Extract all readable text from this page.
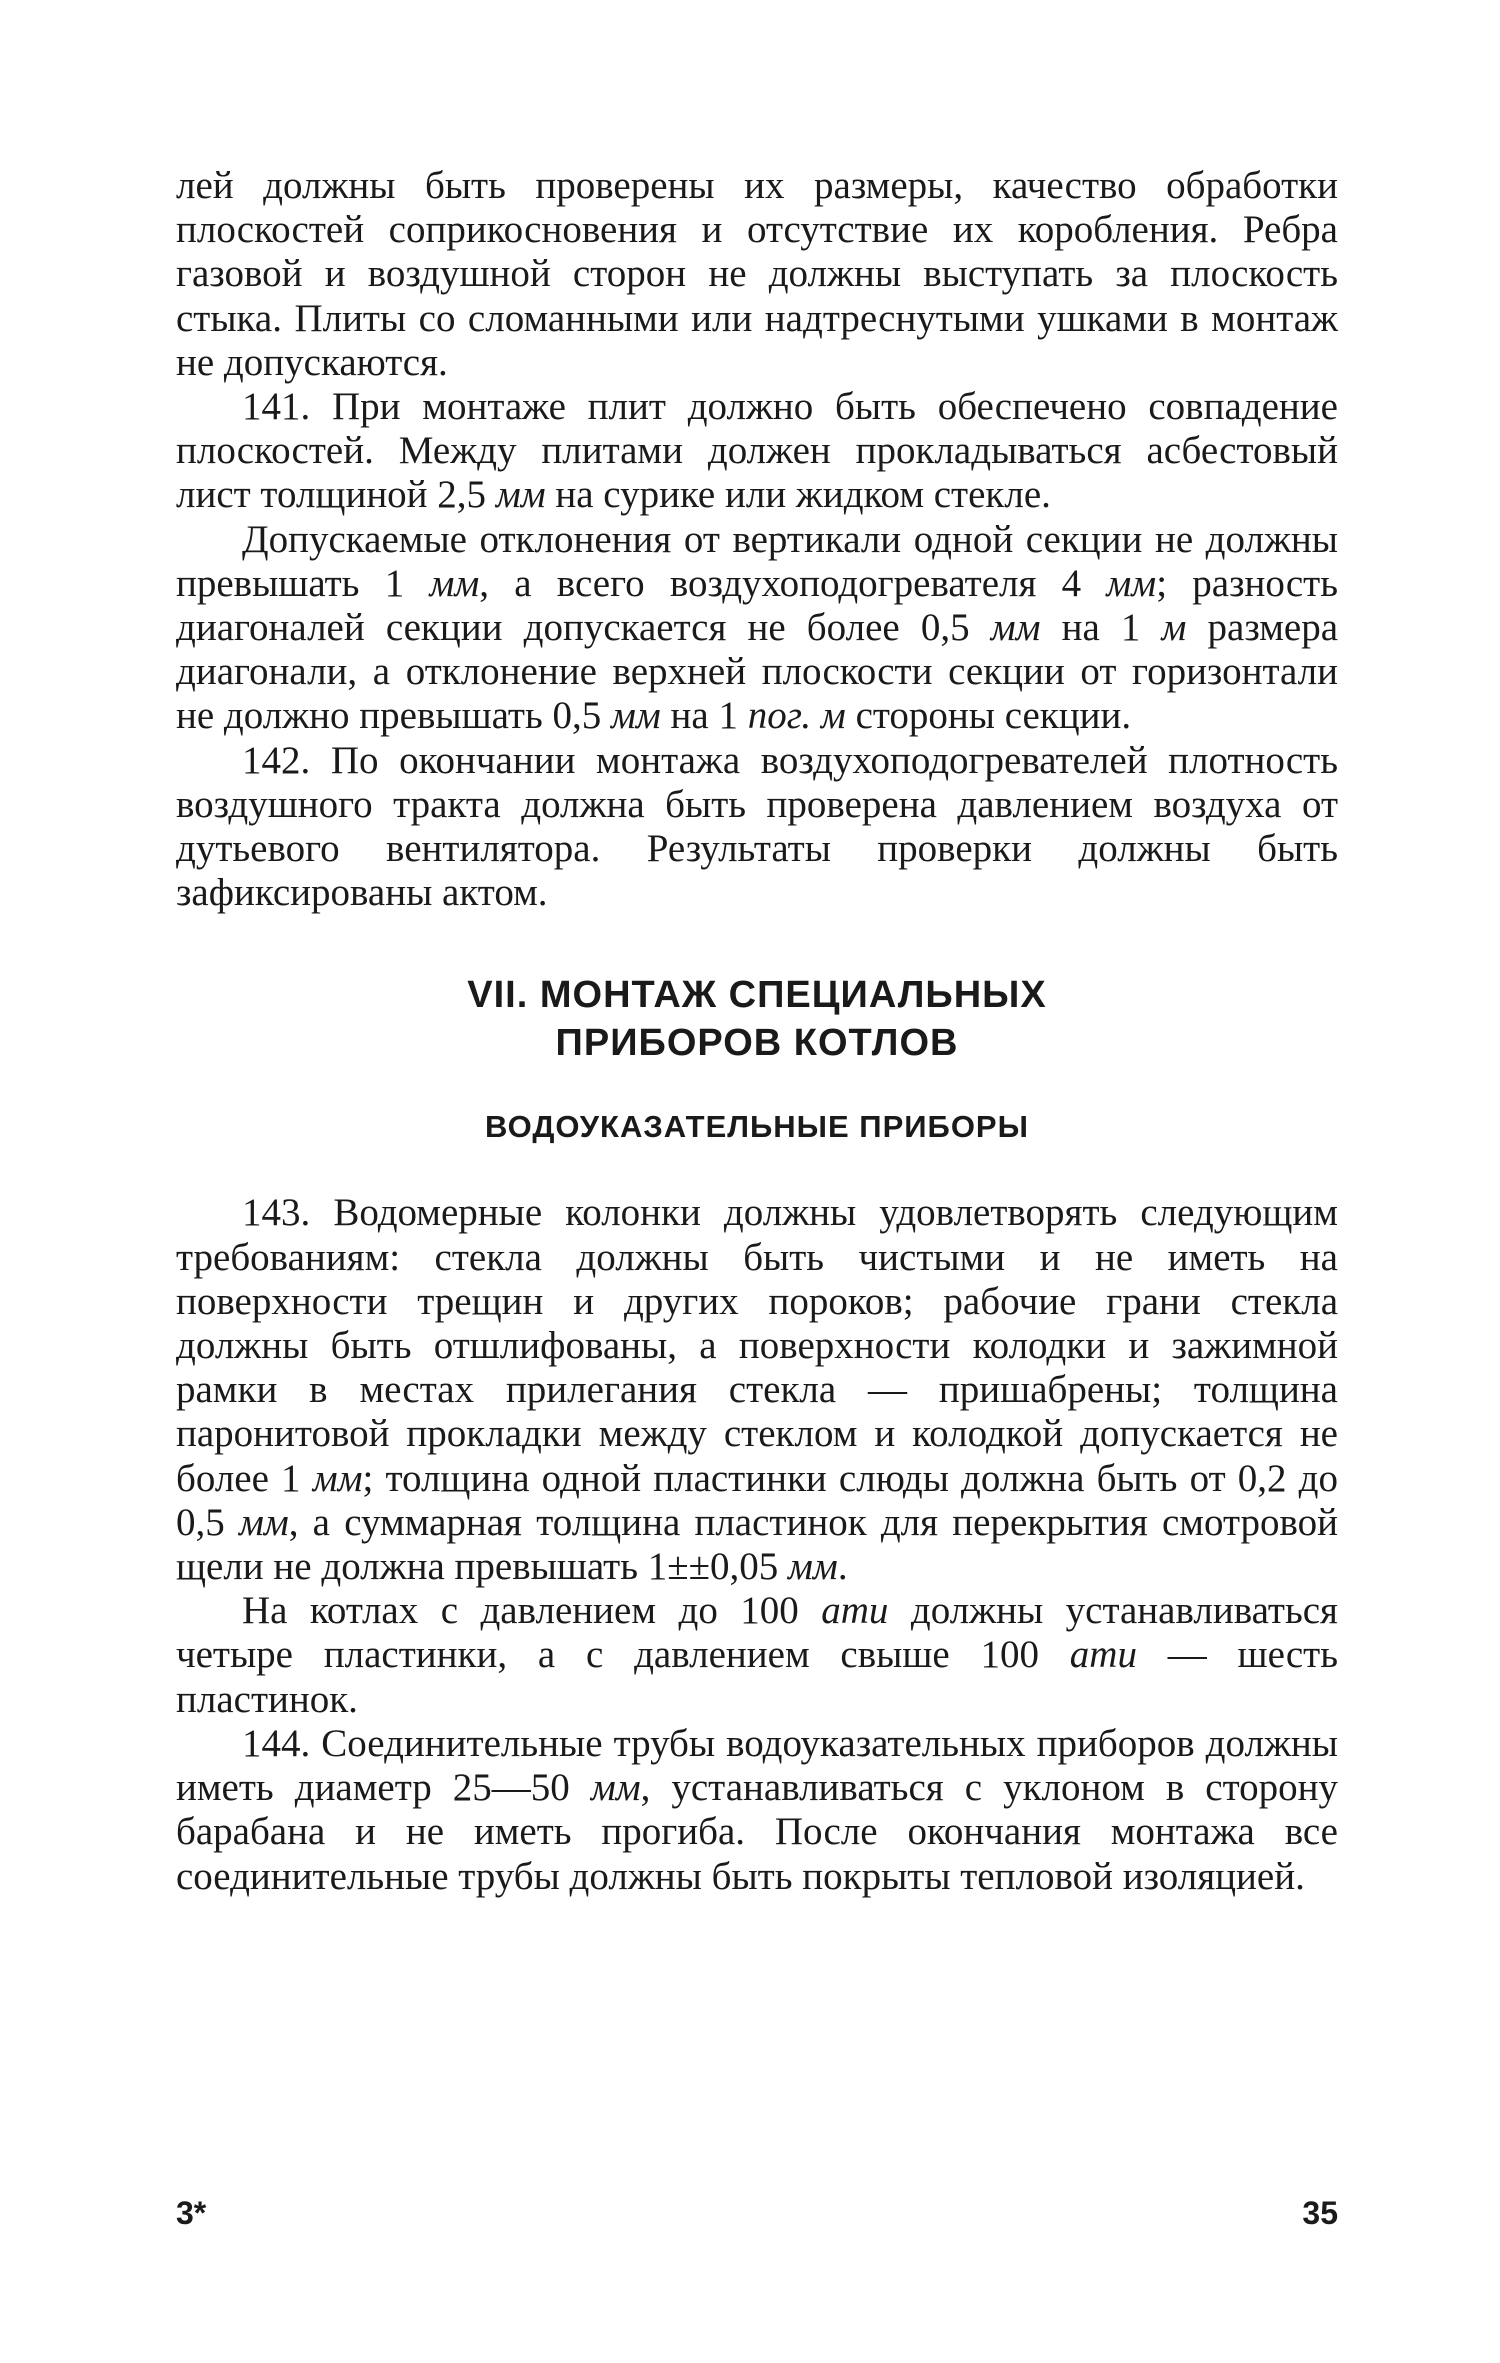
лей должны быть проверены их размеры, качество обработки плоскостей соприкосновения и отсутствие их коробления. Ребра газовой и воздушной сторон не должны выступать за плоскость стыка. Плиты со сломанными или надтреснутыми ушками в монтаж не допускаются.

141. При монтаже плит должно быть обеспечено совпадение плоскостей. Между плитами должен прокладываться асбестовый лист толщиной 2,5 мм на сурике или жидком стекле.

Допускаемые отклонения от вертикали одной секции не должны превышать 1 мм, а всего воздухоподогревателя 4 мм; разность диагоналей секции допускается не более 0,5 мм на 1 м размера диагонали, а отклонение верхней плоскости секции от горизонтали не должно превышать 0,5 мм на 1 пог. м стороны секции.

142. По окончании монтажа воздухоподогревателей плотность воздушного тракта должна быть проверена давлением воздуха от дутьевого вентилятора. Результаты проверки должны быть зафиксированы актом.

VII. МОНТАЖ СПЕЦИАЛЬНЫХ
ПРИБОРОВ КОТЛОВ
ВОДОУКАЗАТЕЛЬНЫЕ ПРИБОРЫ

143. Водомерные колонки должны удовлетворять следующим требованиям: стекла должны быть чистыми и не иметь на поверхности трещин и других пороков; рабочие грани стекла должны быть отшлифованы, а поверхности колодки и зажимной рамки в местах прилегания стекла — пришабрены; толщина паронитовой прокладки между стеклом и колодкой допускается не более 1 мм; толщина одной пластинки слюды должна быть от 0,2 до 0,5 мм, а суммарная толщина пластинок для перекрытия смотровой щели не должна превышать 1±±0,05 мм.

На котлах с давлением до 100 ати должны устанавливаться четыре пластинки, а с давлением свыше 100 ати — шесть пластинок.

144. Соединительные трубы водоуказательных приборов должны иметь диаметр 25—50 мм, устанавливаться с уклоном в сторону барабана и не иметь прогиба. После окончания монтажа все соединительные трубы должны быть покрыты тепловой изоляцией.

3*	35
